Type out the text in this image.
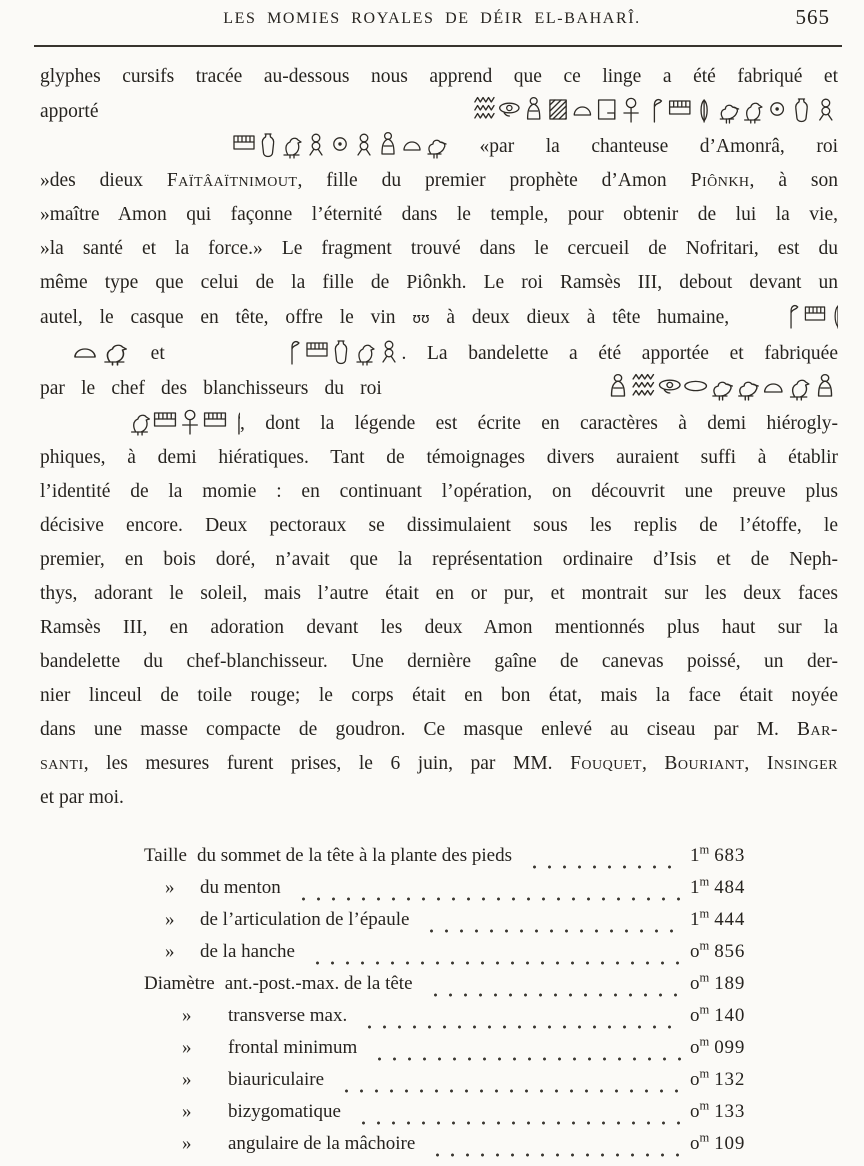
LES MOMIES ROYALES DE DÉIR EL-BAHARÎ.	565
glyphes cursifs tracée au-dessous nous apprend que ce linge a été fabriqué et
apporté
«par la chanteuse d’Amonrâ, roi
»des dieux Faïtâaïtnimout, fille du premier prophète d’Amon Piônkh, à son
»maître Amon qui façonne l’éternité dans le temple, pour obtenir de lui la vie,
»la santé et la force.» Le fragment trouvé dans le cercueil de Nofritari, est du
même type que celui de la fille de Piônkh. Le roi Ramsès III, debout devant un
autel, le casque en tête, offre le vin ʊʊ à deux dieux à tête humaine,
et	. La bandelette a été apportée et fabriquée
par le chef des blanchisseurs du roi
, dont la légende est écrite en caractères à demi hiérogly-
phiques, à demi hiératiques. Tant de témoignages divers auraient suffi à établir
l’identité de la momie : en continuant l’opération, on découvrit une preuve plus
décisive encore. Deux pectoraux se dissimulaient sous les replis de l’étoffe, le
premier, en bois doré, n’avait que la représentation ordinaire d’Isis et de Neph-
thys, adorant le soleil, mais l’autre était en or pur, et montrait sur les deux faces
Ramsès III, en adoration devant les deux Amon mentionnés plus haut sur la
bandelette du chef-blanchisseur. Une dernière gaîne de canevas poissé, un der-
nier linceul de toile rouge; le corps était en bon état, mais la face était noyée
dans une masse compacte de goudron. Ce masque enlevé au ciseau par M. Bar-
santi, les mesures furent prises, le 6 juin, par MM. Fouquet, Bouriant, Insinger
et par moi.
Taille du sommet de la tête à la plante des pieds	1$^m$ 683
»	du menton	1$^m$ 484
»	de l’articulation de l’épaule	1$^m$ 444
»	de la hanche	$o^m$ 856
Diamètre ant.-post.-max. de la tête	$o^m$ 189
»	transverse max.	$o^m$ 140
»	frontal minimum	$o^m$ 099
»	biauriculaire	$o^m$ 132
»	bizygomatique	$o^m$ 133
»	angulaire de la mâchoire	$o^m$ 109
